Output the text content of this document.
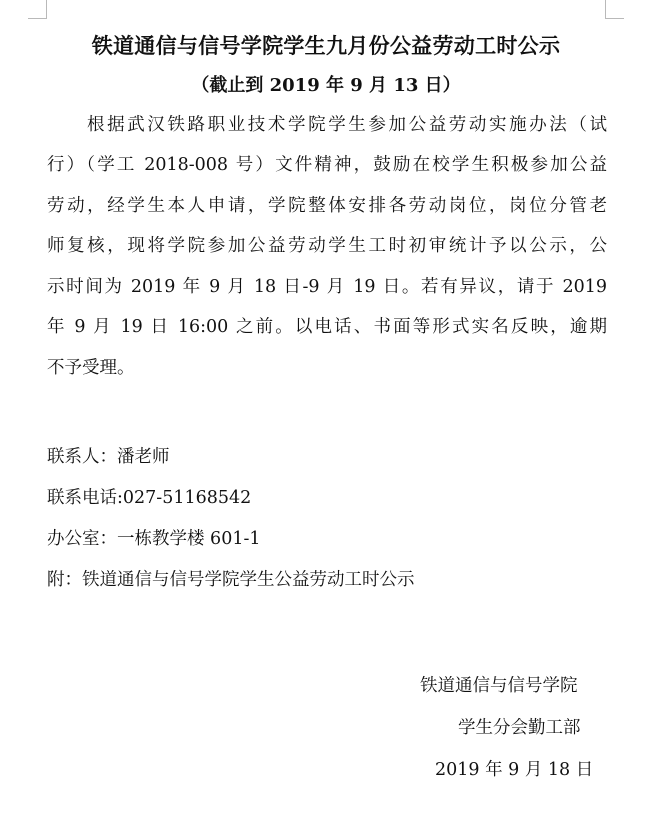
铁道通信与信号学院学生九月份公益劳动工时公示
（截止到 2019 年 9 月 13 日）
根据武汉铁路职业技术学院学生参加公益劳动实施办法（试
行）（学工 2018-008 号）文件精神，鼓励在校学生积极参加公益
劳动，经学生本人申请，学院整体安排各劳动岗位，岗位分管老
师复核，现将学院参加公益劳动学生工时初审统计予以公示，公
示时间为 2019 年 9 月 18 日-9 月 19 日。若有异议，请于 2019
年 9 月 19 日 16:00 之前。以电话、书面等形式实名反映，逾期
不予受理。
联系人：潘老师
联系电话:027-51168542
办公室：一栋教学楼 601-1
附：铁道通信与信号学院学生公益劳动工时公示
铁道通信与信号学院
学生分会勤工部
2019 年 9 月 18 日
